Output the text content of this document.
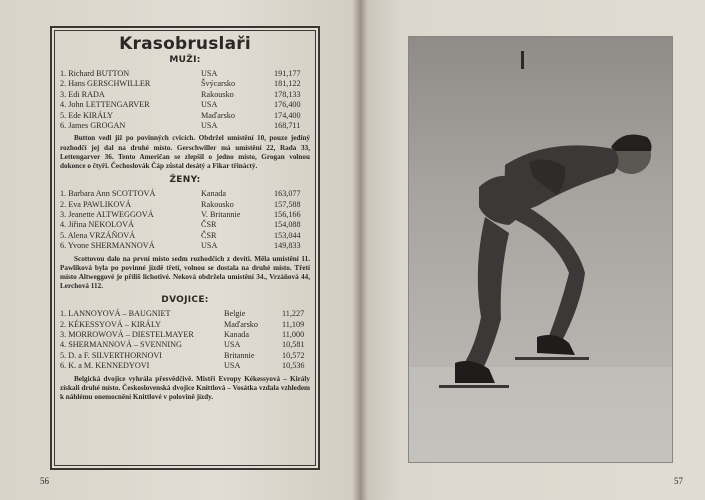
Krasobruslaři
MUŽI:
1. Richard BUTTON	USA	191,177
2. Hans GERSCHWILLER	Švýcarsko	181,122
3. Edi RADA	Rakousko	178,133
4. John LETTENGARVER	USA	176,400
5. Ede KIRÁLY	Maďarsko	174,400
6. James GROGAN	USA	168,711
Button vedl již po povinných cvicích. Obdržel umístění 10, pouze jediný rozhodčí jej dal na druhé místo. Gerschwiller má umístění 22, Rada 33, Lettengarver 36. Tento Američan se zlepšil o jedno místo, Grogan volnou dokonce o čtyři. Čechoslovák Čáp zůstal desátý a Fikar třináctý.
ŽENY:
1. Barbara Ann SCOTTOVÁ	Kanada	163,077
2. Eva PAWLIKOVÁ	Rakousko	157,588
3. Jeanette ALTWEGGOVÁ	V. Britannie	156,166
4. Jiřina NEKOLOVÁ	ČSR	154,088
5. Alena VRZÁŇOVÁ	ČSR	153,044
6. Yvone SHERMANNOVÁ	USA	149,833
Scottovou dalo na první místo sedm rozhodčích z devíti. Měla umístění 11. Pawliková byla po povinné jízdě třetí, volnou se dostala na druhé místo. Třetí místo Altweggové je příliš lichotivé. Neková obdržela umístění 34., Vrzáňová 44, Lerchová 112.
DVOJICE:
1. LANNOYOVÁ – BAUGNIET	Belgie	11,227
2. KÉKESSYOVÁ – KIRÁLY	Maďarsko	11,109
3. MORROWOVÁ – DIESTELMAYER	Kanada	11,000
4. SHERMANNOVÁ – SVENNING	USA	10,581
5. D. a F. SILVERTHORNOVI	Britannie	10,572
6. K. a M. KENNEDYOVI	USA	10,536
Belgická dvojice vyhrála přesvědčivě. Mistři Evropy Kékessyová – Király získali druhé místo. Československá dvojice Knittlová – Vosátka vzdala vzhledem k náhlému onemocnění Knittlové v polovině jízdy.
56	57
